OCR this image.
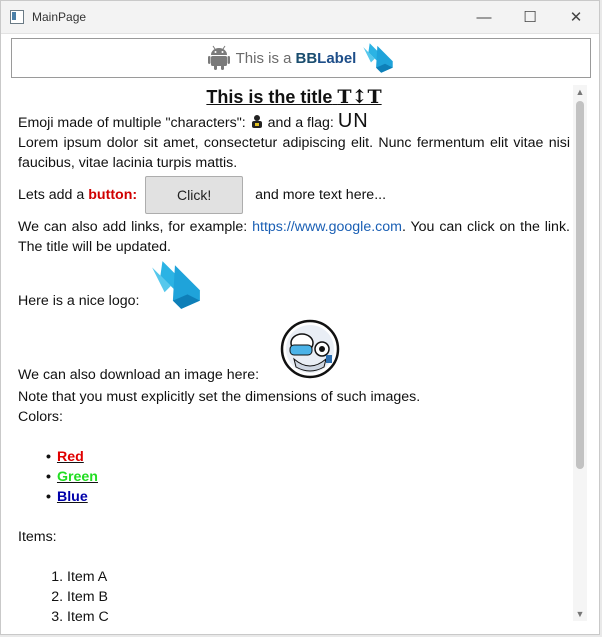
MainPage	—	☐	✕
This is a BBLabel
This is the title T↕T
Emoji made of multiple "characters": and a flag: UN
Lorem ipsum dolor sit amet, consectetur adipiscing elit. Nunc fermentum elit vitae nisi faucibus, vitae lacinia turpis mattis.
Lets add a button:	Click!	and more text here...
We can also add links, for example: https://www.google.com. You can click on the link. The title will be updated.
Here is a nice logo:
We can also download an image here:
Note that you must explicitly set the dimensions of such images.
Colors:
• Red
• Green
• Blue
Items:
1. Item A
2. Item B
3. Item C
▲
▼
